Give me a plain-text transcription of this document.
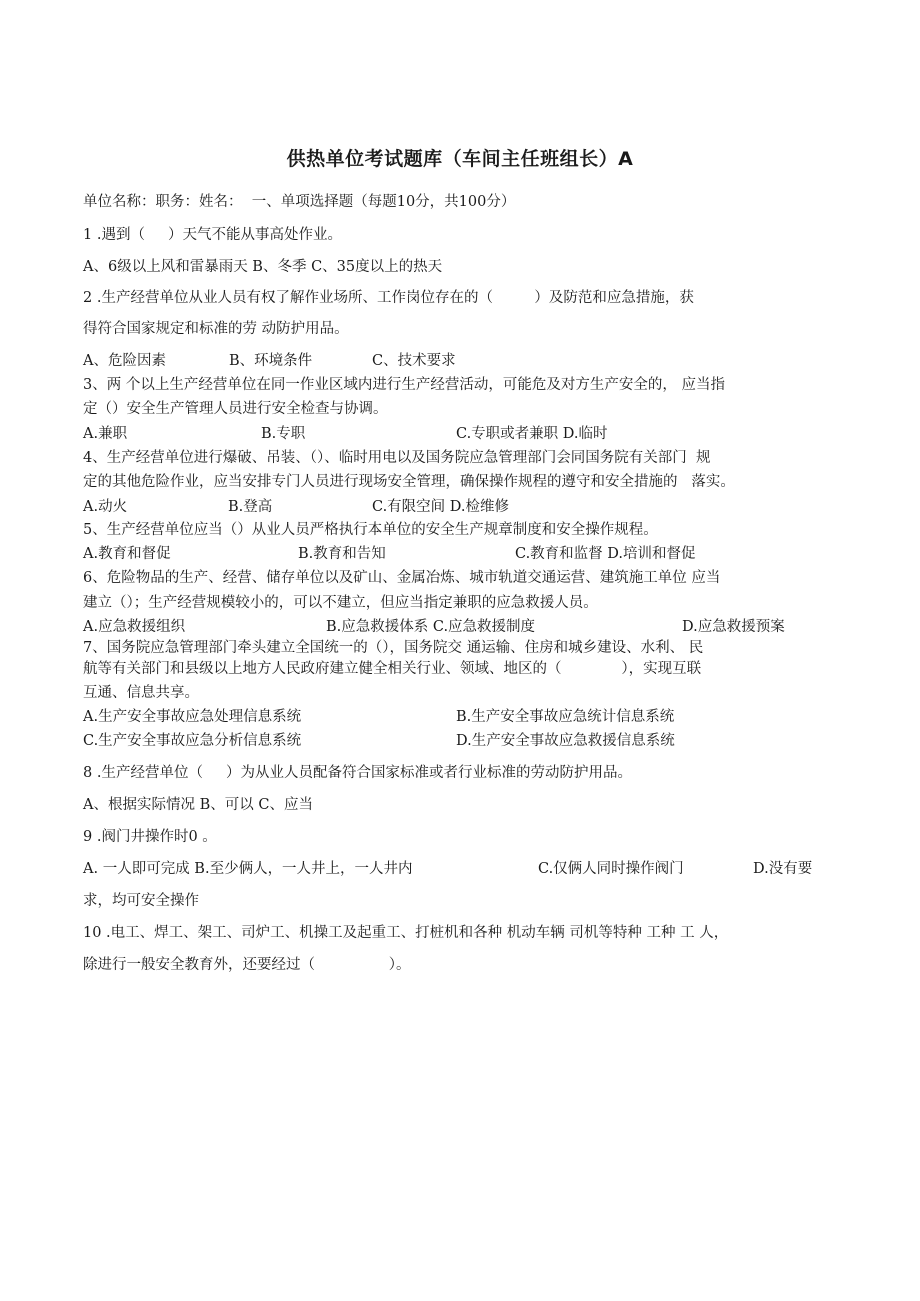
供热单位考试题库（车间主任班组长）A
单位名称：职务：姓名：  一、单项选择题（每题10分，共100分）
1 .遇到（     ）天气不能从事高处作业。
A、6级以上风和雷暴雨天 B、冬季 C、35度以上的热天
2 .生产经营单位从业人员有权了解作业场所、工作岗位存在的（         ）及防范和应急措施，获
得符合国家规定和标准的劳 动防护用品。
A、危险因素	B、环境条件	C、技术要求
3、两 个以上生产经营单位在同一作业区域内进行生产经营活动，可能危及对方生产安全的， 应当指
定（）安全生产管理人员进行安全检查与协调。
A.兼职	B.专职	C.专职或者兼职 D.临时
4、生产经营单位进行爆破、吊装、（）、临时用电以及国务院应急管理部门会同国务院有关部门  规
定的其他危险作业，应当安排专门人员进行现场安全管理，确保操作规程的遵守和安全措施的   落实。
A.动火	B.登高	C.有限空间 D.检维修
5、生产经营单位应当（）从业人员严格执行本单位的安全生产规章制度和安全操作规程。
A.教育和督促	B.教育和告知	C.教育和监督 D.培训和督促
6、危险物品的生产、经营、储存单位以及矿山、金属冶炼、城市轨道交通运营、建筑施工单位 应当
建立（）；生产经营规模较小的，可以不建立，但应当指定兼职的应急救援人员。
A.应急救援组织	B.应急救援体系 C.应急救援制度	D.应急救援预案
7、国务院应急管理部门牵头建立全国统一的（），国务院交 通运输、住房和城乡建设、水利、 民
航等有关部门和县级以上地方人民政府建立健全相关行业、领域、地区的（             ），实现互联
互通、信息共享。
A.生产安全事故应急处理信息系统	B.生产安全事故应急统计信息系统
C.生产安全事故应急分析信息系统	D.生产安全事故应急救援信息系统
8 .生产经营单位（     ）为从业人员配备符合国家标准或者行业标准的劳动防护用品。
A、根据实际情况 B、可以 C、应当
9 .阀门井操作时0 。
A. 一人即可完成 B.至少俩人，一人井上，一人井内	C.仅俩人同时操作阀门	D.没有要
求，均可安全操作
10 .电工、焊工、架工、司炉工、机操工及起重工、打桩机和各种 机动车辆 司机等特种 工种 工 人，
除进行一般安全教育外，还要经过（                ）。
